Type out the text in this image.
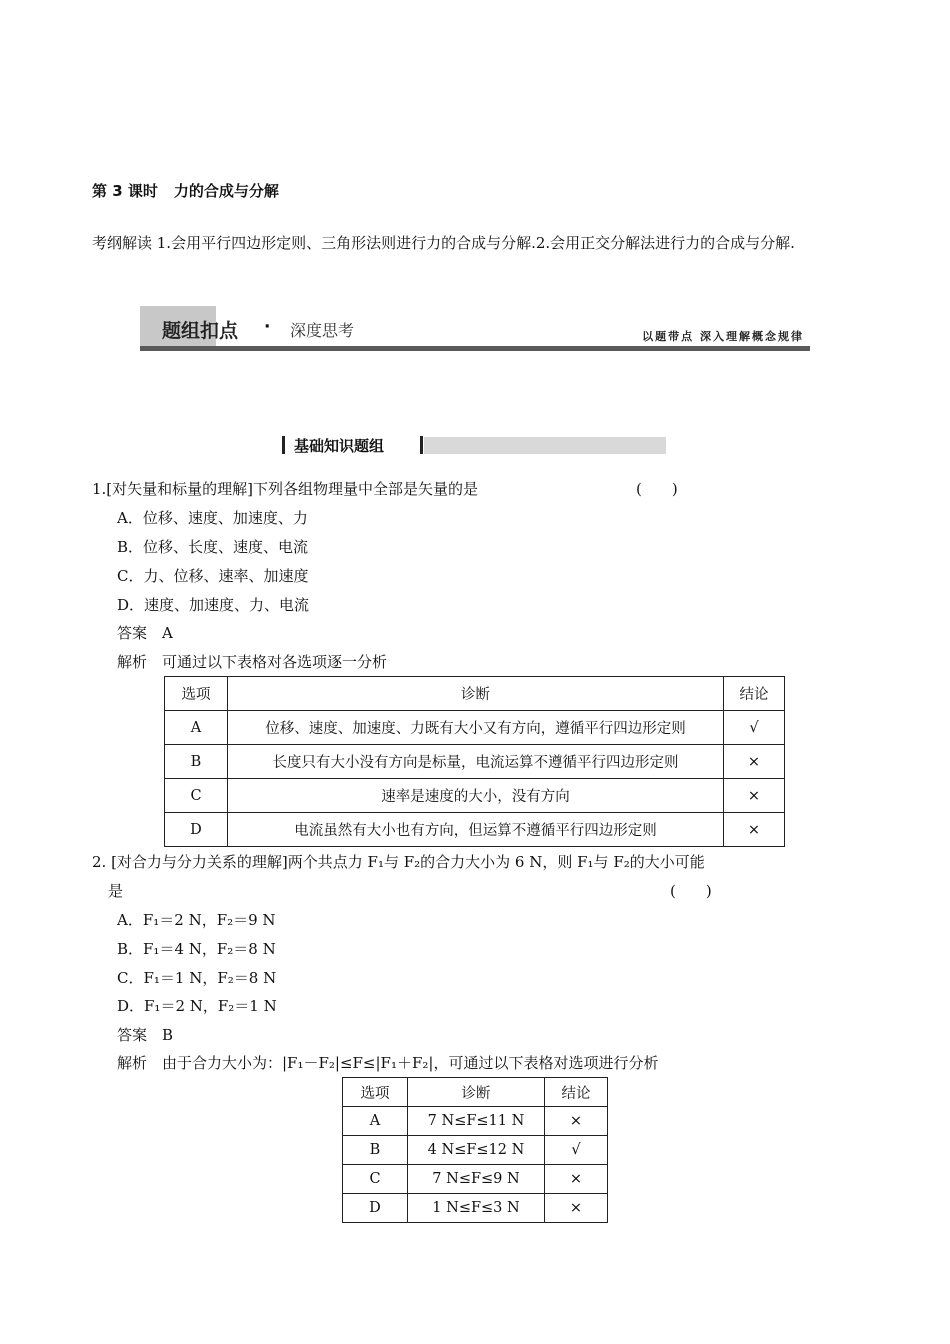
第 3 课时 力的合成与分解
考纲解读 1.会用平行四边形定则、三角形法则进行力的合成与分解.2.会用正交分解法进行力的合成与分解.
题组扣点 · 深度思考	以题带点 深入理解概念规律
基础知识题组
1.[对矢量和标量的理解]下列各组物理量中全部是矢量的是	(　　)
A．位移、速度、加速度、力
B．位移、长度、速度、电流
C．力、位移、速率、加速度
D．速度、加速度、力、电流
答案　A
解析　可通过以下表格对各选项逐一分析
选项	诊断	结论
A	位移、速度、加速度、力既有大小又有方向，遵循平行四边形定则	√
B	长度只有大小没有方向是标量，电流运算不遵循平行四边形定则	×
C	速率是速度的大小，没有方向	×
D	电流虽然有大小也有方向，但运算不遵循平行四边形定则	×
2. [对合力与分力关系的理解]两个共点力 F₁与 F₂的合力大小为 6 N，则 F₁与 F₂的大小可能
是	(　　)
A．F₁＝2 N，F₂＝9 N
B．F₁＝4 N，F₂＝8 N
C．F₁＝1 N，F₂＝8 N
D．F₁＝2 N，F₂＝1 N
答案　B
解析　由于合力大小为：|F₁－F₂|≤F≤|F₁＋F₂|，可通过以下表格对选项进行分析
选项	诊断	结论
A	7 N≤F≤11 N	×
B	4 N≤F≤12 N	√
C	7 N≤F≤9 N	×
D	1 N≤F≤3 N	×
